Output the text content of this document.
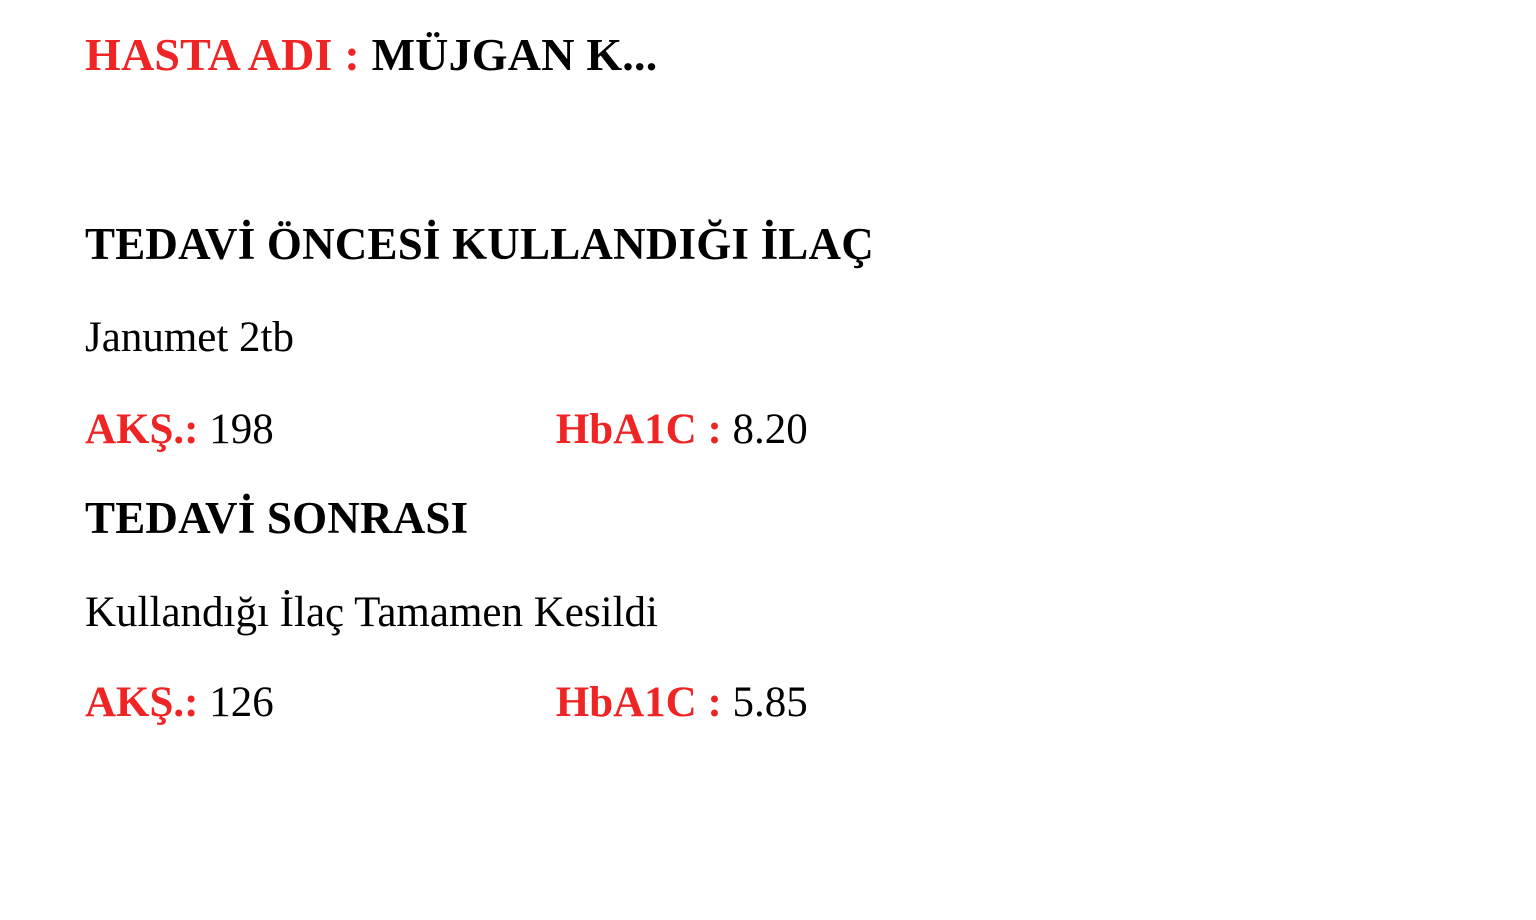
HASTA ADI : MÜJGAN K...
TEDAVİ ÖNCESİ KULLANDIĞI İLAÇ
Janumet 2tb
AKŞ.: 198	HbA1C : 8.20
TEDAVİ SONRASI
Kullandığı İlaç Tamamen Kesildi
AKŞ.: 126	HbA1C : 5.85
